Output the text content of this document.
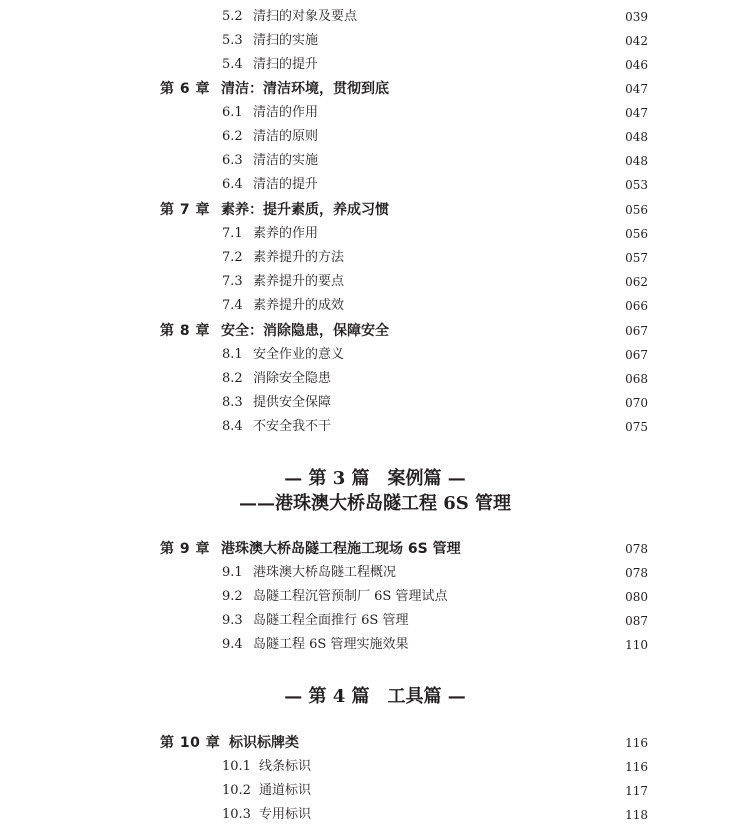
5.2 清扫的对象及要点	039
5.3 清扫的实施	042
5.4 清扫的提升	046
第 6 章 清洁：清洁环境，贯彻到底	047
6.1 清洁的作用	047
6.2 清洁的原则	048
6.3 清洁的实施	048
6.4 清洁的提升	053
第 7 章 素养：提升素质，养成习惯	056
7.1 素养的作用	056
7.2 素养提升的方法	057
7.3 素养提升的要点	062
7.4 素养提升的成效	066
第 8 章 安全：消除隐患，保障安全	067
8.1 安全作业的意义	067
8.2 消除安全隐患	068
8.3 提供安全保障	070
8.4 不安全我不干	075
— 第 3 篇　案例篇 —
——港珠澳大桥岛隧工程 6S 管理
第 9 章 港珠澳大桥岛隧工程施工现场 6S 管理	078
9.1 港珠澳大桥岛隧工程概况	078
9.2 岛隧工程沉管预制厂 6S 管理试点	080
9.3 岛隧工程全面推行 6S 管理	087
9.4 岛隧工程 6S 管理实施效果	110
— 第 4 篇　工具篇 —
第 10 章 标识标牌类	116
10.1 线条标识	116
10.2 通道标识	117
10.3 专用标识	118
